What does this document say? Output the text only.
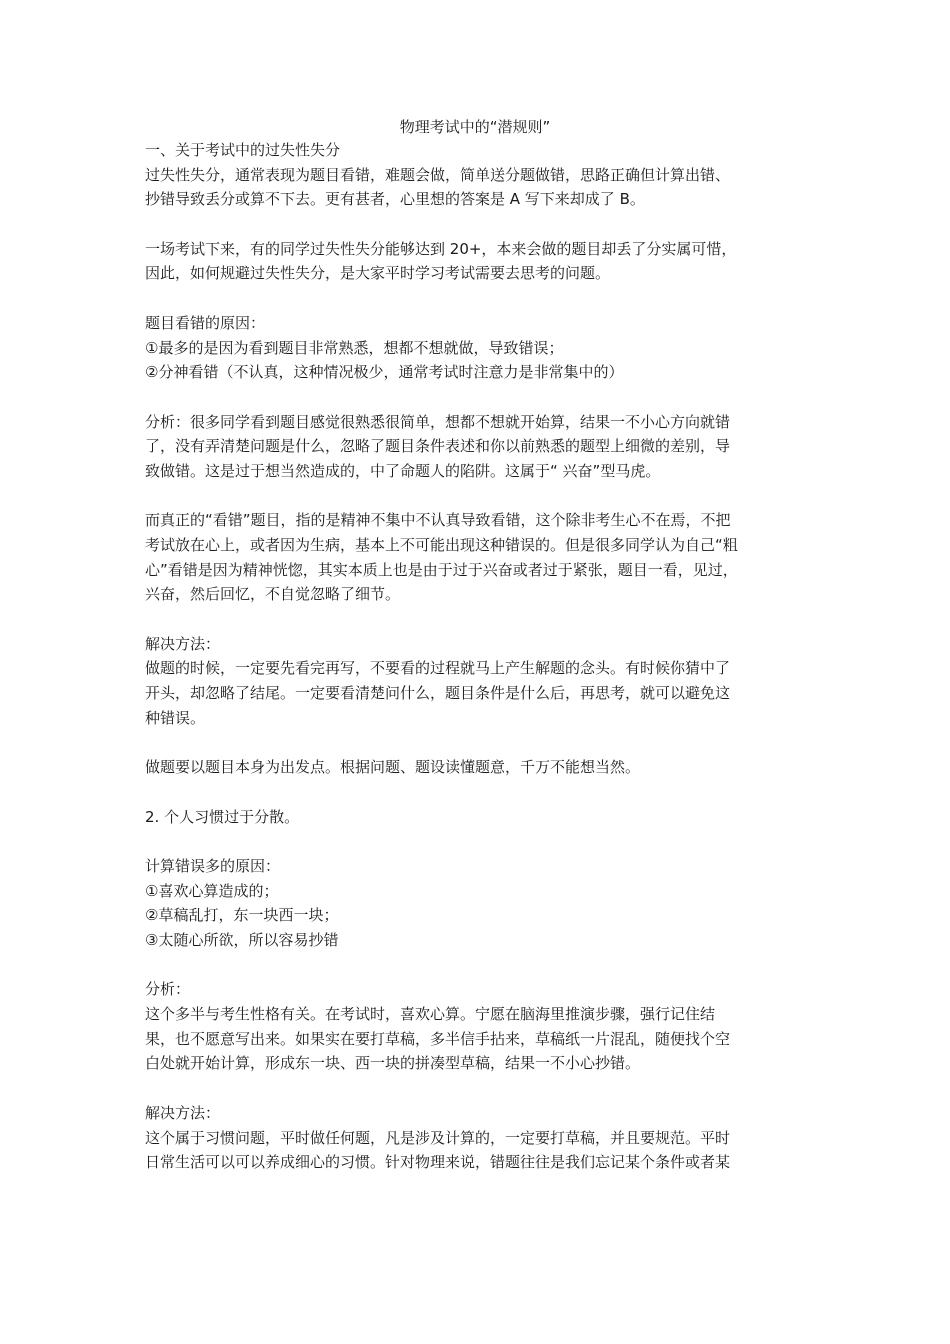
物理考试中的“潜规则”
一、关于考试中的过失性失分
过失性失分，通常表现为题目看错，难题会做，简单送分题做错，思路正确但计算出错、
抄错导致丢分或算不下去。更有甚者，心里想的答案是 A 写下来却成了 B。
一场考试下来，有的同学过失性失分能够达到 20+，本来会做的题目却丢了分实属可惜，
因此，如何规避过失性失分，是大家平时学习考试需要去思考的问题。
题目看错的原因：
①最多的是因为看到题目非常熟悉，想都不想就做，导致错误；
②分神看错（不认真，这种情况极少，通常考试时注意力是非常集中的）
分析：很多同学看到题目感觉很熟悉很简单，想都不想就开始算，结果一不小心方向就错
了，没有弄清楚问题是什么，忽略了题目条件表述和你以前熟悉的题型上细微的差别，导
致做错。这是过于想当然造成的，中了命题人的陷阱。这属于“ 兴奋”型马虎。
而真正的“看错”题目，指的是精神不集中不认真导致看错，这个除非考生心不在焉，不把
考试放在心上，或者因为生病，基本上不可能出现这种错误的。但是很多同学认为自己“粗
心”看错是因为精神恍惚，其实本质上也是由于过于兴奋或者过于紧张，题目一看，见过，
兴奋，然后回忆，不自觉忽略了细节。
解决方法：
做题的时候，一定要先看完再写，不要看的过程就马上产生解题的念头。有时候你猜中了
开头，却忽略了结尾。一定要看清楚问什么，题目条件是什么后，再思考，就可以避免这
种错误。
做题要以题目本身为出发点。根据问题、题设读懂题意，千万不能想当然。
2. 个人习惯过于分散。
计算错误多的原因：
①喜欢心算造成的；
②草稿乱打，东一块西一块；
③太随心所欲，所以容易抄错
分析：
这个多半与考生性格有关。在考试时，喜欢心算。宁愿在脑海里推演步骤，强行记住结
果，也不愿意写出来。如果实在要打草稿，多半信手拈来，草稿纸一片混乱，随便找个空
白处就开始计算，形成东一块、西一块的拼凑型草稿，结果一不小心抄错。
解决方法：
这个属于习惯问题，平时做任何题，凡是涉及计算的，一定要打草稿，并且要规范。平时
日常生活可以可以养成细心的习惯。针对物理来说，错题往往是我们忘记某个条件或者某
